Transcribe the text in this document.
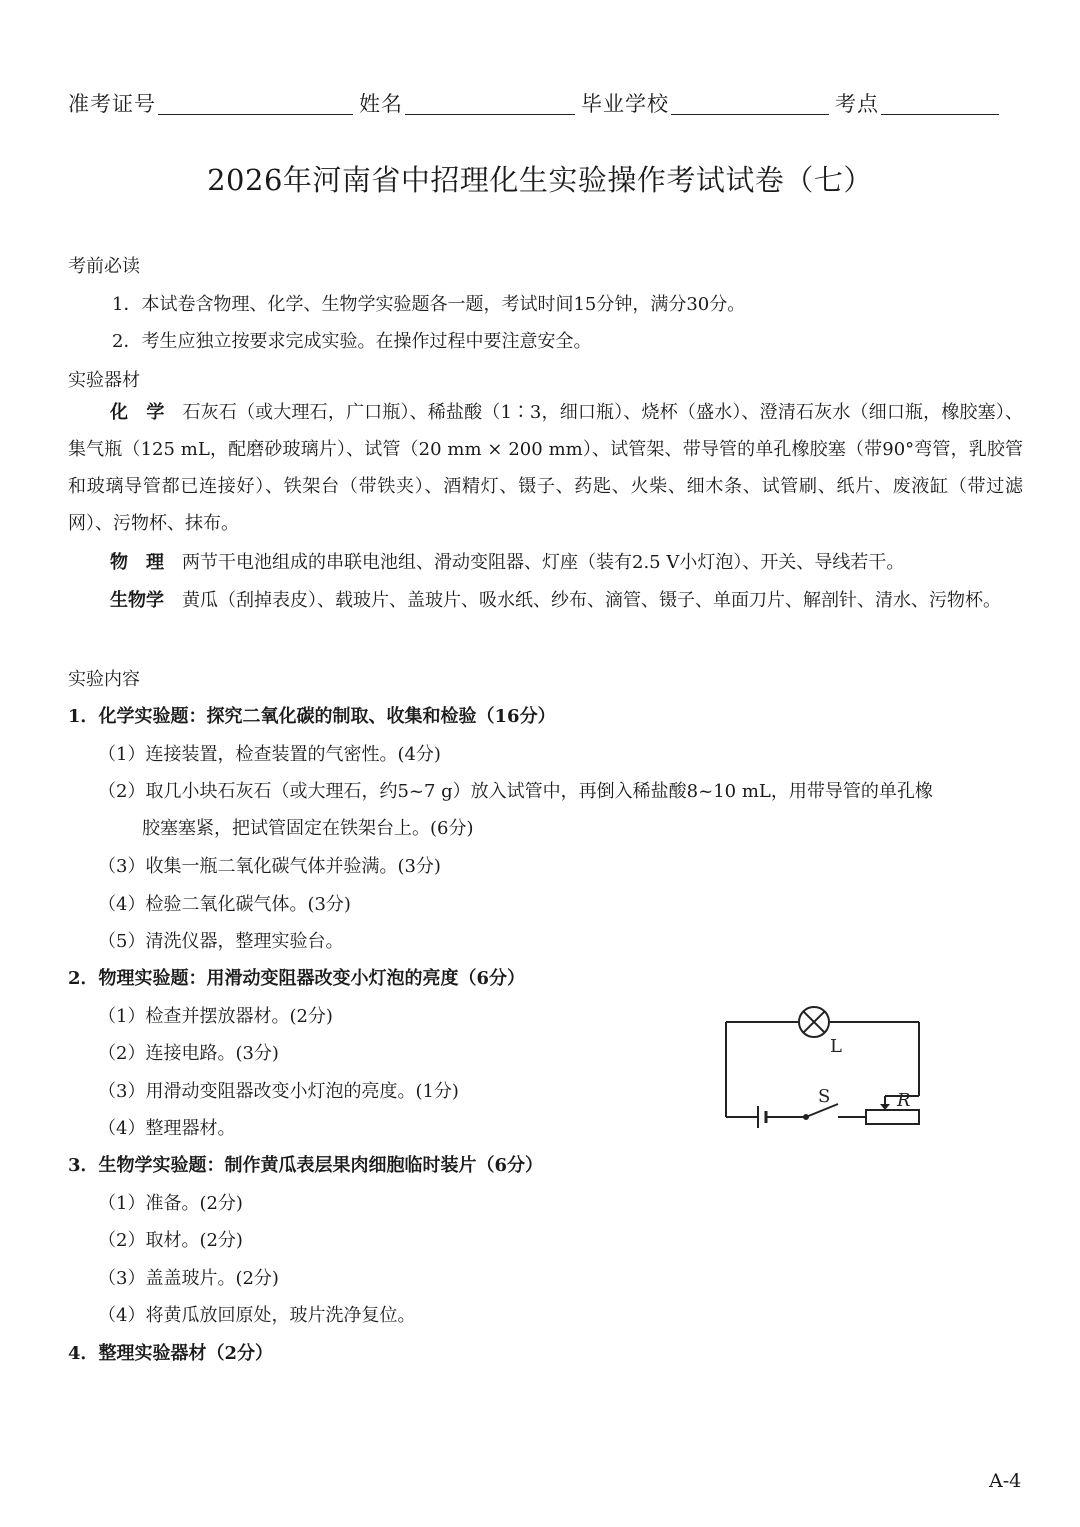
准考证号	姓名	毕业学校	考点
2026年河南省中招理化生实验操作考试试卷（七）
考前必读
1．本试卷含物理、化学、生物学实验题各一题，考试时间15分钟，满分30分。
2．考生应独立按要求完成实验。在操作过程中要注意安全。
实验器材
化　学 石灰石（或大理石，广口瓶）、稀盐酸（1∶3，细口瓶）、烧杯（盛水）、澄清石灰水（细口瓶，橡胶塞）、集气瓶（125 mL，配磨砂玻璃片）、试管（20 mm × 200 mm）、试管架、带导管的单孔橡胶塞（带90°弯管，乳胶管和玻璃导管都已连接好）、铁架台（带铁夹）、酒精灯、镊子、药匙、火柴、细木条、试管刷、纸片、废液缸（带过滤网）、污物杯、抹布。
物　理 两节干电池组成的串联电池组、滑动变阻器、灯座（装有2.5 V小灯泡）、开关、导线若干。
生物学 黄瓜（刮掉表皮）、载玻片、盖玻片、吸水纸、纱布、滴管、镊子、单面刀片、解剖针、清水、污物杯。
实验内容
1．化学实验题：探究二氧化碳的制取、收集和检验（16分）
（1）连接装置，检查装置的气密性。(4分)
（2）取几小块石灰石（或大理石，约5~7 g）放入试管中，再倒入稀盐酸8~10 mL，用带导管的单孔橡
胶塞塞紧，把试管固定在铁架台上。(6分)
（3）收集一瓶二氧化碳气体并验满。(3分)
（4）检验二氧化碳气体。(3分)
（5）清洗仪器，整理实验台。
2．物理实验题：用滑动变阻器改变小灯泡的亮度（6分）
（1）检查并摆放器材。(2分)
（2）连接电路。(3分)
（3）用滑动变阻器改变小灯泡的亮度。(1分)
（4）整理器材。
L
S	R
3．生物学实验题：制作黄瓜表层果肉细胞临时装片（6分）
（1）准备。(2分)
（2）取材。(2分)
（3）盖盖玻片。(2分)
（4）将黄瓜放回原处，玻片洗净复位。
4．整理实验器材（2分）
A-4
